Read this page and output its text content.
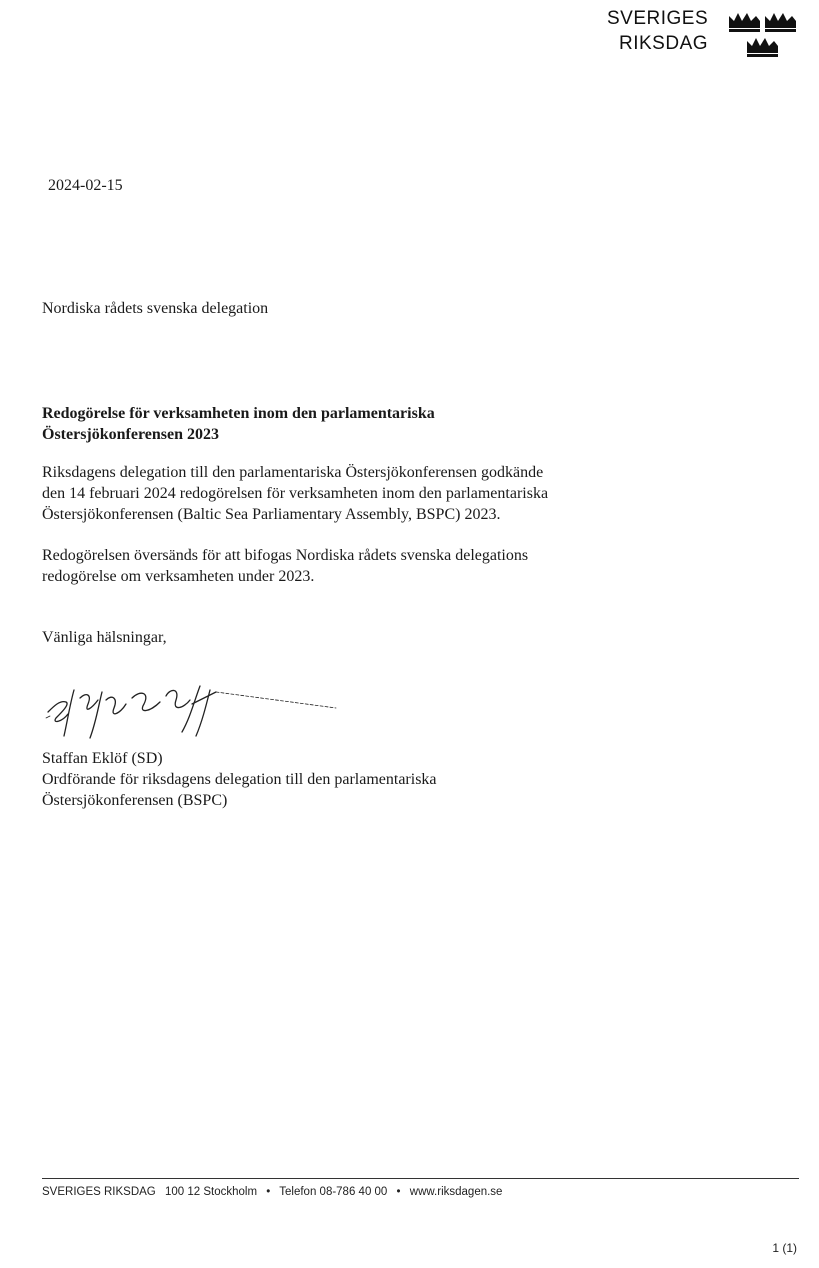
SVERIGES
RIKSDAG
2024-02-15
Nordiska rådets svenska delegation
Redogörelse för verksamheten inom den parlamentariska
Östersjökonferensen 2023
Riksdagens delegation till den parlamentariska Östersjökonferensen godkände
den 14 februari 2024 redogörelsen för verksamheten inom den parlamentariska
Östersjökonferensen (Baltic Sea Parliamentary Assembly, BSPC) 2023.
Redogörelsen översänds för att bifogas Nordiska rådets svenska delegations
redogörelse om verksamheten under 2023.
Vänliga hälsningar,
Staffan Eklöf (SD)
Ordförande för riksdagens delegation till den parlamentariska
Östersjökonferensen (BSPC)
SVERIGES RIKSDAG 100 12 Stockholm • Telefon 08-786 40 00 • www.riksdagen.se
1 (1)
